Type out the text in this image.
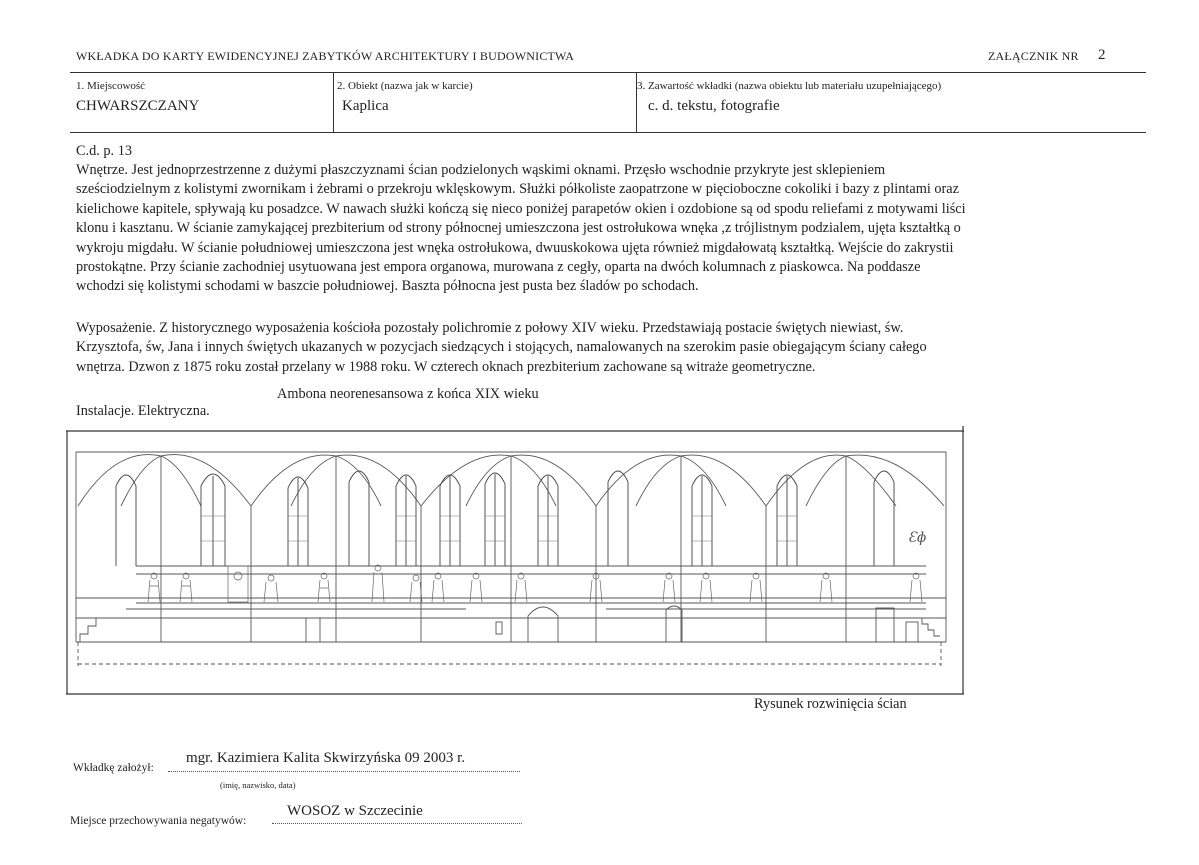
WKŁADKA DO KARTY EWIDENCYJNEJ ZABYTKÓW ARCHITEKTURY I BUDOWNICTWA	ZAŁĄCZNIK NR 2
1. Miejscowość
CHWARSZCZANY
2. Obiekt (nazwa jak w karcie)
Kaplica
3. Zawartość wkładki (nazwa obiektu lub materiału uzupełniającego)
c. d. tekstu, fotografie
C.d. p. 13
Wnętrze. Jest jednoprzestrzenne z dużymi płaszczyznami ścian podzielonych wąskimi oknami. Przęsło wschodnie przykryte jest sklepieniem
sześciodzielnym z kolistymi zwornikam i żebrami o przekroju wklęskowym. Służki półkoliste zaopatrzone w pięcioboczne cokoliki i bazy z plintami oraz
kielichowe kapitele, spływają ku posadzce. W nawach służki kończą się nieco poniżej parapetów okien i ozdobione są od spodu reliefami z motywami liści
klonu i kasztanu. W ścianie zamykającej prezbiterium od strony północnej umieszczona jest ostrołukowa wnęka ,z trójlistnym podzialem, ujęta kształtką o
wykroju migdału. W ścianie południowej umieszczona jest wnęka ostrołukowa, dwuuskokowa ujęta również migdałowatą kształtką. Wejście do zakrystii
prostokątne. Przy ścianie zachodniej usytuowana jest empora organowa, murowana z cegły, oparta na dwóch kolumnach z piaskowca. Na poddasze
wchodzi się kolistymi schodami w baszcie południowej. Baszta północna jest pusta bez śladów po schodach.
Wyposażenie. Z historycznego wyposażenia kościoła pozostały polichromie z połowy XIV wieku. Przedstawiają postacie świętych niewiast, św.
Krzysztofa, św, Jana i innych świętych ukazanych w pozycjach siedzących i stojących, namalowanych na szerokim pasie obiegającym ściany całego
wnętrza. Dzwon z 1875 roku został przelany w 1988 roku. W czterech oknach prezbiterium zachowane są witraże geometryczne.
Ambona neorenesansowa z końca XIX wieku
Instalacje. Elektryczna.
Ɛɸ
Rysunek rozwinięcia ścian
Wkładkę założył:
mgr. Kazimiera Kalita Skwirzyńska 09 2003 r.
(imię, nazwisko, data)
Miejsce przechowywania negatywów:
WOSOZ w Szczecinie
